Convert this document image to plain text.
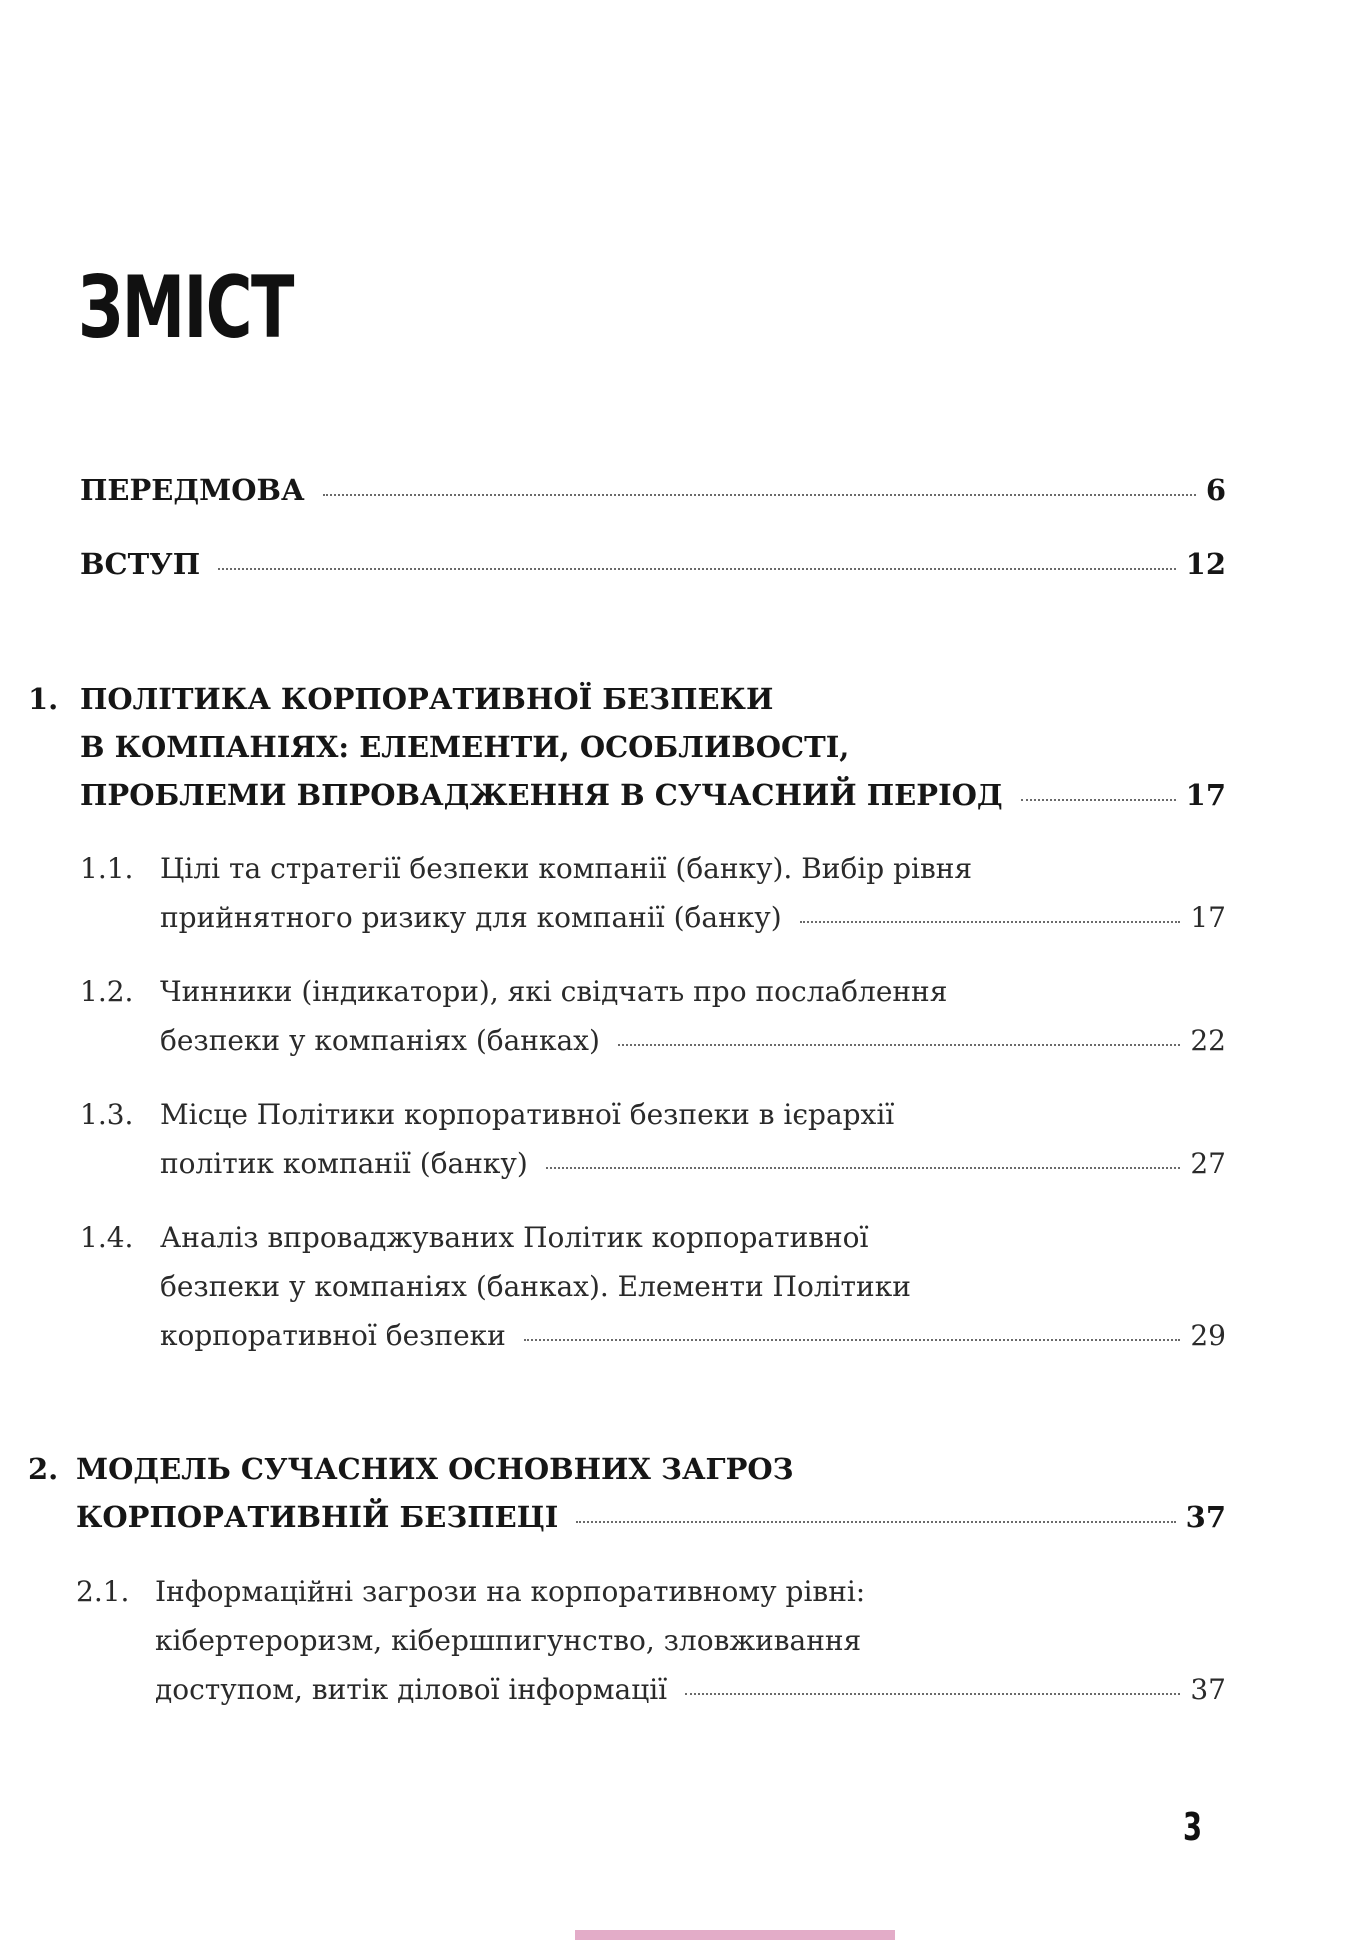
ЗМІСТ
ПЕРЕДМОВА	6
ВСТУП	12
1. ПОЛІТИКА КОРПОРАТИВНОЇ БЕЗПЕКИ
В КОМПАНІЯХ: ЕЛЕМЕНТИ, ОСОБЛИВОСТІ,
ПРОБЛЕМИ ВПРОВАДЖЕННЯ В СУЧАСНИЙ ПЕРІОД	17
1.1. Цілі та стратегії безпеки компанії (банку). Вибір рівня
прийнятного ризику для компанії (банку)	17
1.2. Чинники (індикатори), які свідчать про послаблення
безпеки у компаніях (банках)	22
1.3. Місце Політики корпоративної безпеки в ієрархії
політик компанії (банку)	27
1.4. Аналіз впроваджуваних Політик корпоративної
безпеки у компаніях (банках). Елементи Політики
корпоративної безпеки	29
2. МОДЕЛЬ СУЧАСНИХ ОСНОВНИХ ЗАГРОЗ
КОРПОРАТИВНІЙ БЕЗПЕЦІ	37
2.1. Інформаційні загрози на корпоративному рівні:
кібертероризм, кібершпигунство, зловживання
доступом, витік ділової інформації	37
3
